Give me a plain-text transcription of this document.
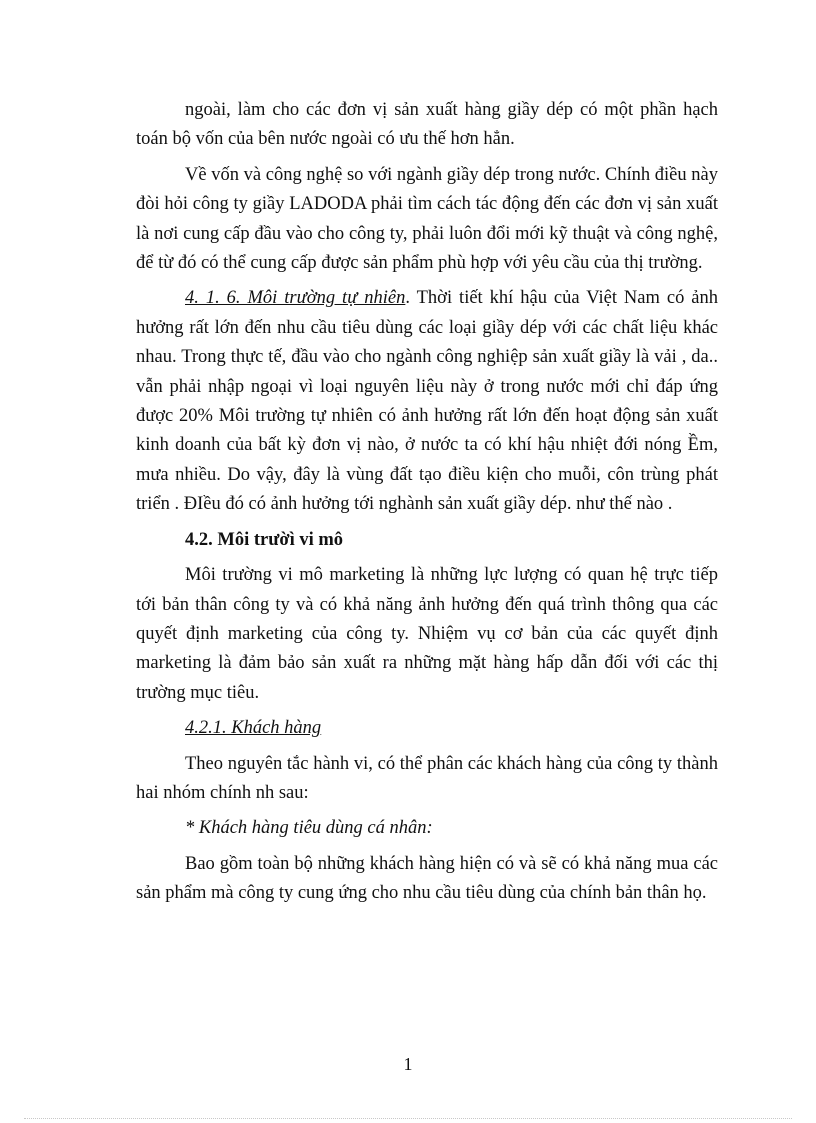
ngoài, làm cho các đơn vị sản xuất hàng giầy dép có một phần hạch toán bộ vốn của bên nước ngoài có ưu thế hơn hẳn.

Về vốn và công nghệ so với ngành giầy dép trong nước. Chính điều này đòi hỏi công ty giầy LADODA phải tìm cách tác động đến các đơn vị sản xuất là nơi cung cấp đầu vào cho công ty, phải luôn đổi mới kỹ thuật và công nghệ, để từ đó có thể cung cấp được sản phẩm phù hợp với yêu cầu của thị trường.

4. 1. 6. Môi trường tự nhiên. Thời tiết khí hậu của Việt Nam có ảnh hưởng rất lớn đến nhu cầu tiêu dùng các loại giầy dép với các chất liệu khác nhau. Trong thực tế, đầu vào cho ngành công nghiệp sản xuất giầy là vải , da.. vẫn phải nhập ngoại vì loại nguyên liệu này ở trong nước mới chỉ đáp ứng được 20% Môi trường tự nhiên có ảnh hưởng rất lớn đến hoạt động sản xuất kinh doanh của bất kỳ đơn vị nào, ở nước ta có khí hậu nhiệt đới nóng Ềm, mưa nhiều. Do vậy, đây là vùng đất tạo điều kiện cho muỗi, côn trùng phát triển . ĐIều đó có ảnh hưởng tới nghành sản xuất giầy dép. như thế nào .

4.2. Môi trườì vi mô

Môi trường vi mô marketing là những lực lượng có quan hệ trực tiếp tới bản thân công ty và có khả năng ảnh hưởng đến quá trình thông qua các quyết định marketing của công ty. Nhiệm vụ cơ bản của các quyết định marketing là đảm bảo sản xuất ra những mặt hàng hấp dẫn đối với các thị trường mục tiêu.

4.2.1. Khách hàng

Theo nguyên tắc hành vi, có thể phân các khách hàng của công ty thành hai nhóm chính nh sau:

* Khách hàng tiêu dùng cá nhân:

Bao gồm toàn bộ những khách hàng hiện có và sẽ có khả năng mua các sản phẩm mà công ty cung ứng cho nhu cầu tiêu dùng của chính bản thân họ.

1
